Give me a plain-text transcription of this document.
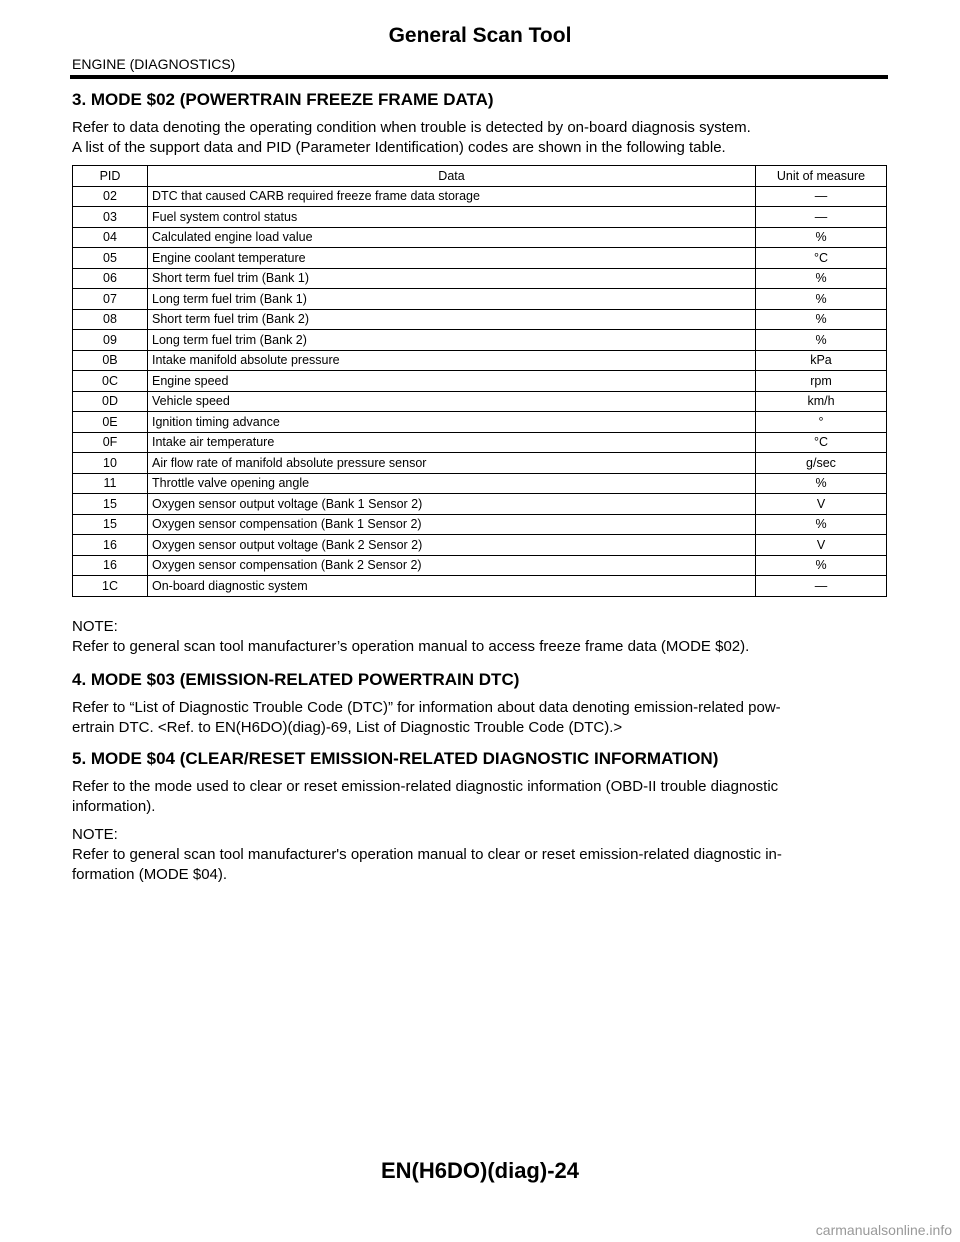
General Scan Tool
ENGINE (DIAGNOSTICS)
3. MODE $02 (POWERTRAIN FREEZE FRAME DATA)

Refer to data denoting the operating condition when trouble is detected by on-board diagnosis system.

A list of the support data and PID (Parameter Identification) codes are shown in the following table.

PID	Data	Unit of measure
02	DTC that caused CARB required freeze frame data storage	—
03	Fuel system control status	—
04	Calculated engine load value	%
05	Engine coolant temperature	°C
06	Short term fuel trim (Bank 1)	%
07	Long term fuel trim (Bank 1)	%
08	Short term fuel trim (Bank 2)	%
09	Long term fuel trim (Bank 2)	%
0B	Intake manifold absolute pressure	kPa
0C	Engine speed	rpm
0D	Vehicle speed	km/h
0E	Ignition timing advance	°
0F	Intake air temperature	°C
10	Air flow rate of manifold absolute pressure sensor	g/sec
11	Throttle valve opening angle	%
15	Oxygen sensor output voltage (Bank 1 Sensor 2)	V
15	Oxygen sensor compensation (Bank 1 Sensor 2)	%
16	Oxygen sensor output voltage (Bank 2 Sensor 2)	V
16	Oxygen sensor compensation (Bank 2 Sensor 2)	%
1C	On-board diagnostic system	—

NOTE:

Refer to general scan tool manufacturer’s operation manual to access freeze frame data (MODE $02).

4. MODE $03 (EMISSION-RELATED POWERTRAIN DTC)

Refer to “List of Diagnostic Trouble Code (DTC)” for information about data denoting emission-related pow-

ertrain DTC. <Ref. to EN(H6DO)(diag)-69, List of Diagnostic Trouble Code (DTC).>

5. MODE $04 (CLEAR/RESET EMISSION-RELATED DIAGNOSTIC INFORMATION)

Refer to the mode used to clear or reset emission-related diagnostic information (OBD-II trouble diagnostic

information).

NOTE:

Refer to general scan tool manufacturer's operation manual to clear or reset emission-related diagnostic in-

formation (MODE $04).

EN(H6DO)(diag)-24
carmanualsonline.info
